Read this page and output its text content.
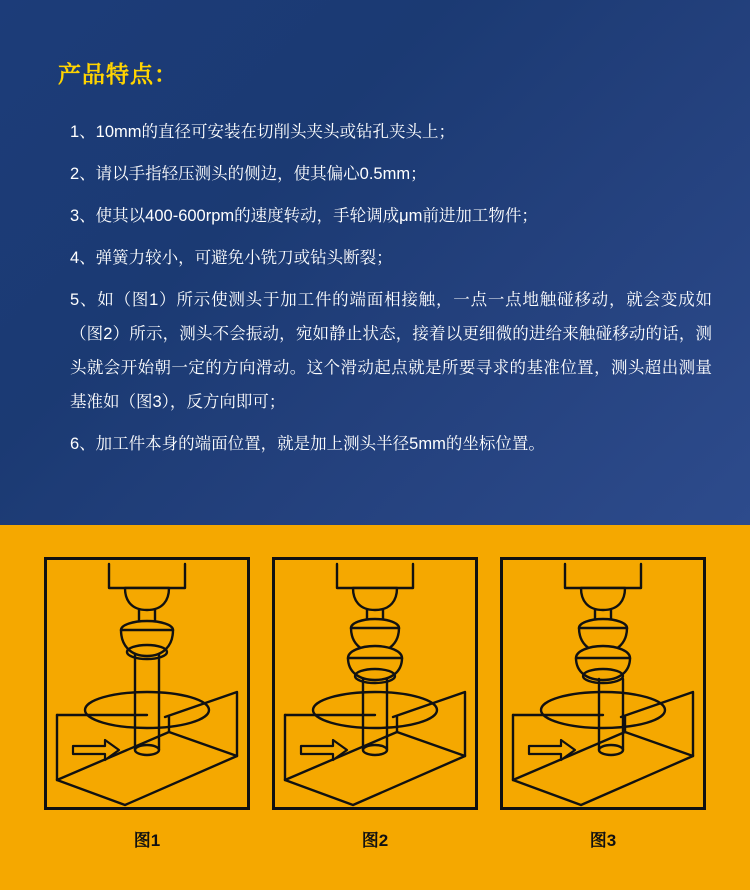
产品特点：
1、10mm的直径可安装在切削头夹头或钻孔夹头上；
2、请以手指轻压测头的侧边，使其偏心0.5mm；
3、使其以400-600rpm的速度转动，手轮调成μm前进加工物件；
4、弹簧力较小，可避免小铣刀或钻头断裂；
5、如（图1）所示使测头于加工件的端面相接触，一点一点地触碰移动，就会变成如（图2）所示，测头不会振动，宛如静止状态，接着以更细微的进给来触碰移动的话，测头就会开始朝一定的方向滑动。这个滑动起点就是所要寻求的基准位置，测头超出测量基准如（图3），反方向即可；
6、加工件本身的端面位置，就是加上测头半径5mm的坐标位置。
图1	图2	图3
